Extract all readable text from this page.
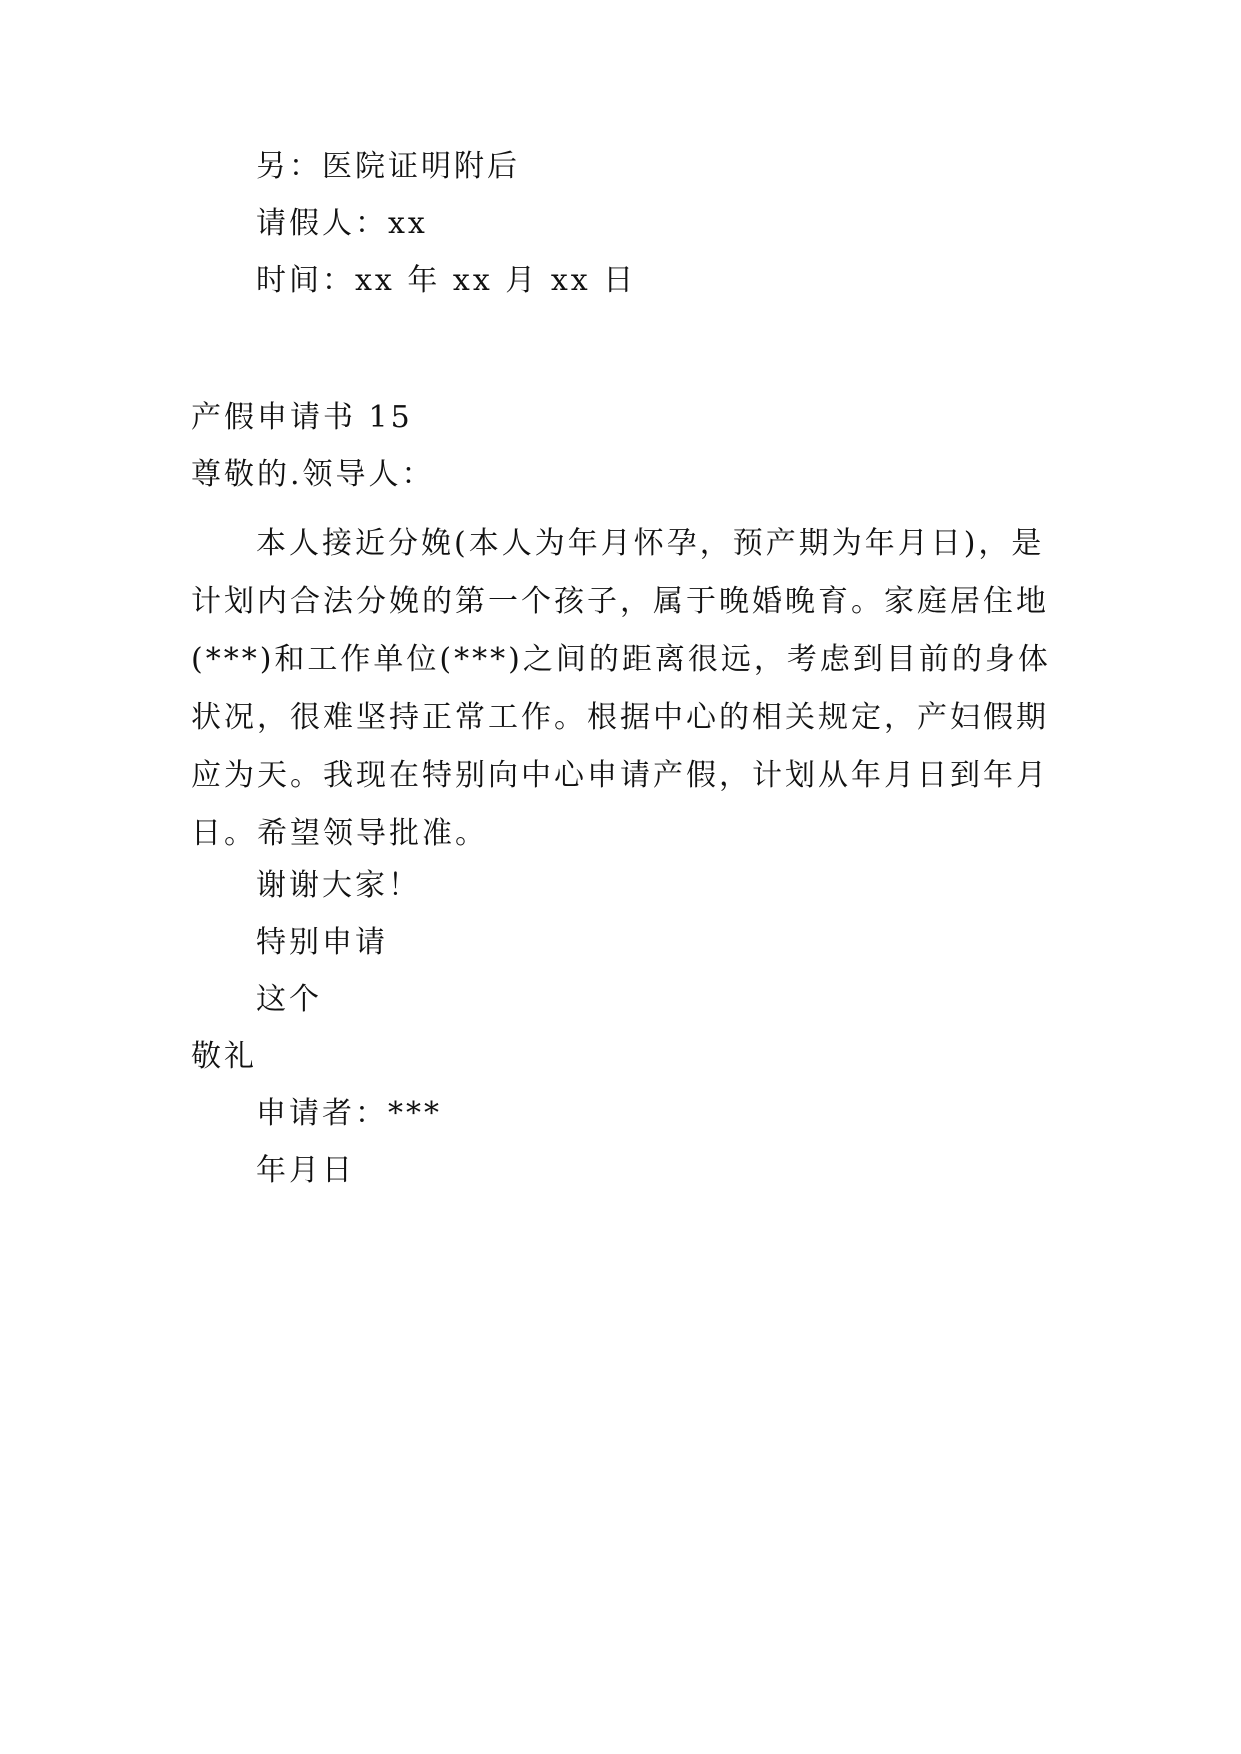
另：医院证明附后
请假人：xx
时间：xx 年 xx 月 xx 日
产假申请书 15
尊敬的.领导人：
本人接近分娩(本人为年月怀孕，预产期为年月日)，是
计划内合法分娩的第一个孩子，属于晚婚晚育。家庭居住地
(***)和工作单位(***)之间的距离很远，考虑到目前的身体
状况，很难坚持正常工作。根据中心的相关规定，产妇假期
应为天。我现在特别向中心申请产假，计划从年月日到年月
日。希望领导批准。
谢谢大家！
特别申请
这个
敬礼
申请者：***
年月日
